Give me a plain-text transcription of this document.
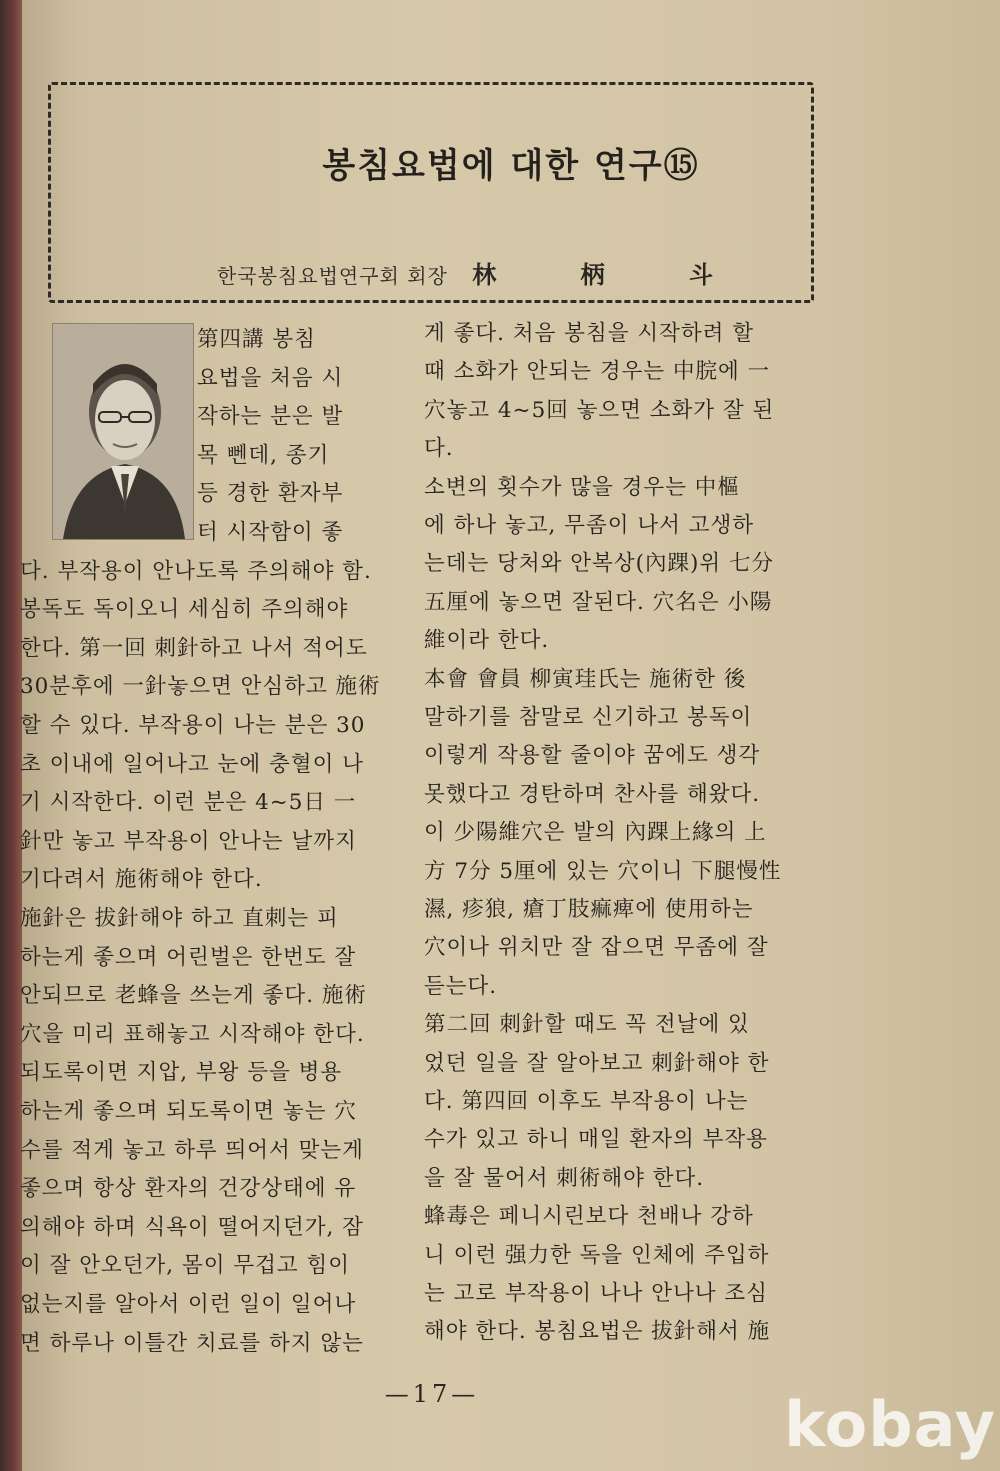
봉침요법에 대한 연구⑮
한국봉침요법연구회 회장 林 柄 斗
第四講 봉침
요법을 처음 시
작하는 분은 발
목 뻰데, 종기
등 경한 환자부
터 시작함이 좋
다. 부작용이 안나도록 주의해야 함.
봉독도 독이오니 세심히 주의해야
한다. 第一回 刺針하고 나서 적어도
30분후에 一針놓으면 안심하고 施術
할 수 있다. 부작용이 나는 분은 30
초 이내에 일어나고 눈에 충혈이 나
기 시작한다. 이런 분은 4~5日 一
針만 놓고 부작용이 안나는 날까지
기다려서 施術해야 한다.
施針은 拔針해야 하고 直刺는 피
하는게 좋으며 어린벌은 한번도 잘
안되므로 老蜂을 쓰는게 좋다. 施術
穴을 미리 표해놓고 시작해야 한다.
되도록이면 지압, 부왕 등을 병용
하는게 좋으며 되도록이면 놓는 穴
수를 적게 놓고 하루 띄어서 맞는게
좋으며 항상 환자의 건강상태에 유
의해야 하며 식욕이 떨어지던가, 잠
이 잘 안오던가, 몸이 무겁고 힘이
없는지를 알아서 이런 일이 일어나
면 하루나 이틀간 치료를 하지 않는
게 좋다. 처음 봉침을 시작하려 할
때 소화가 안되는 경우는 中脘에 一
穴놓고 4~5回 놓으면 소화가 잘 된
다.
소변의 횟수가 많을 경우는 中樞
에 하나 놓고, 무좀이 나서 고생하
는데는 당처와 안복상(內踝)위 七分
五厘에 놓으면 잘된다. 穴名은 小陽
維이라 한다.
本會 會員 柳寅珪氏는 施術한 後
말하기를 참말로 신기하고 봉독이
이렇게 작용할 줄이야 꿈에도 생각
못했다고 경탄하며 찬사를 해왔다.
이 少陽維穴은 발의 內踝上緣의 上
方 7分 5厘에 있는 穴이니 下腿慢性
濕, 疹狼, 瘡丁肢痲痺에 使用하는
穴이나 위치만 잘 잡으면 무좀에 잘
듣는다.
第二回 刺針할 때도 꼭 전날에 있
었던 일을 잘 알아보고 刺針해야 한
다. 第四回 이후도 부작용이 나는
수가 있고 하니 매일 환자의 부작용
을 잘 물어서 刺術해야 한다.
蜂毒은 페니시린보다 천배나 강하
니 이런 强力한 독을 인체에 주입하
는 고로 부작용이 나나 안나나 조심
해야 한다. 봉침요법은 拔針해서 施
—17—	kobay
